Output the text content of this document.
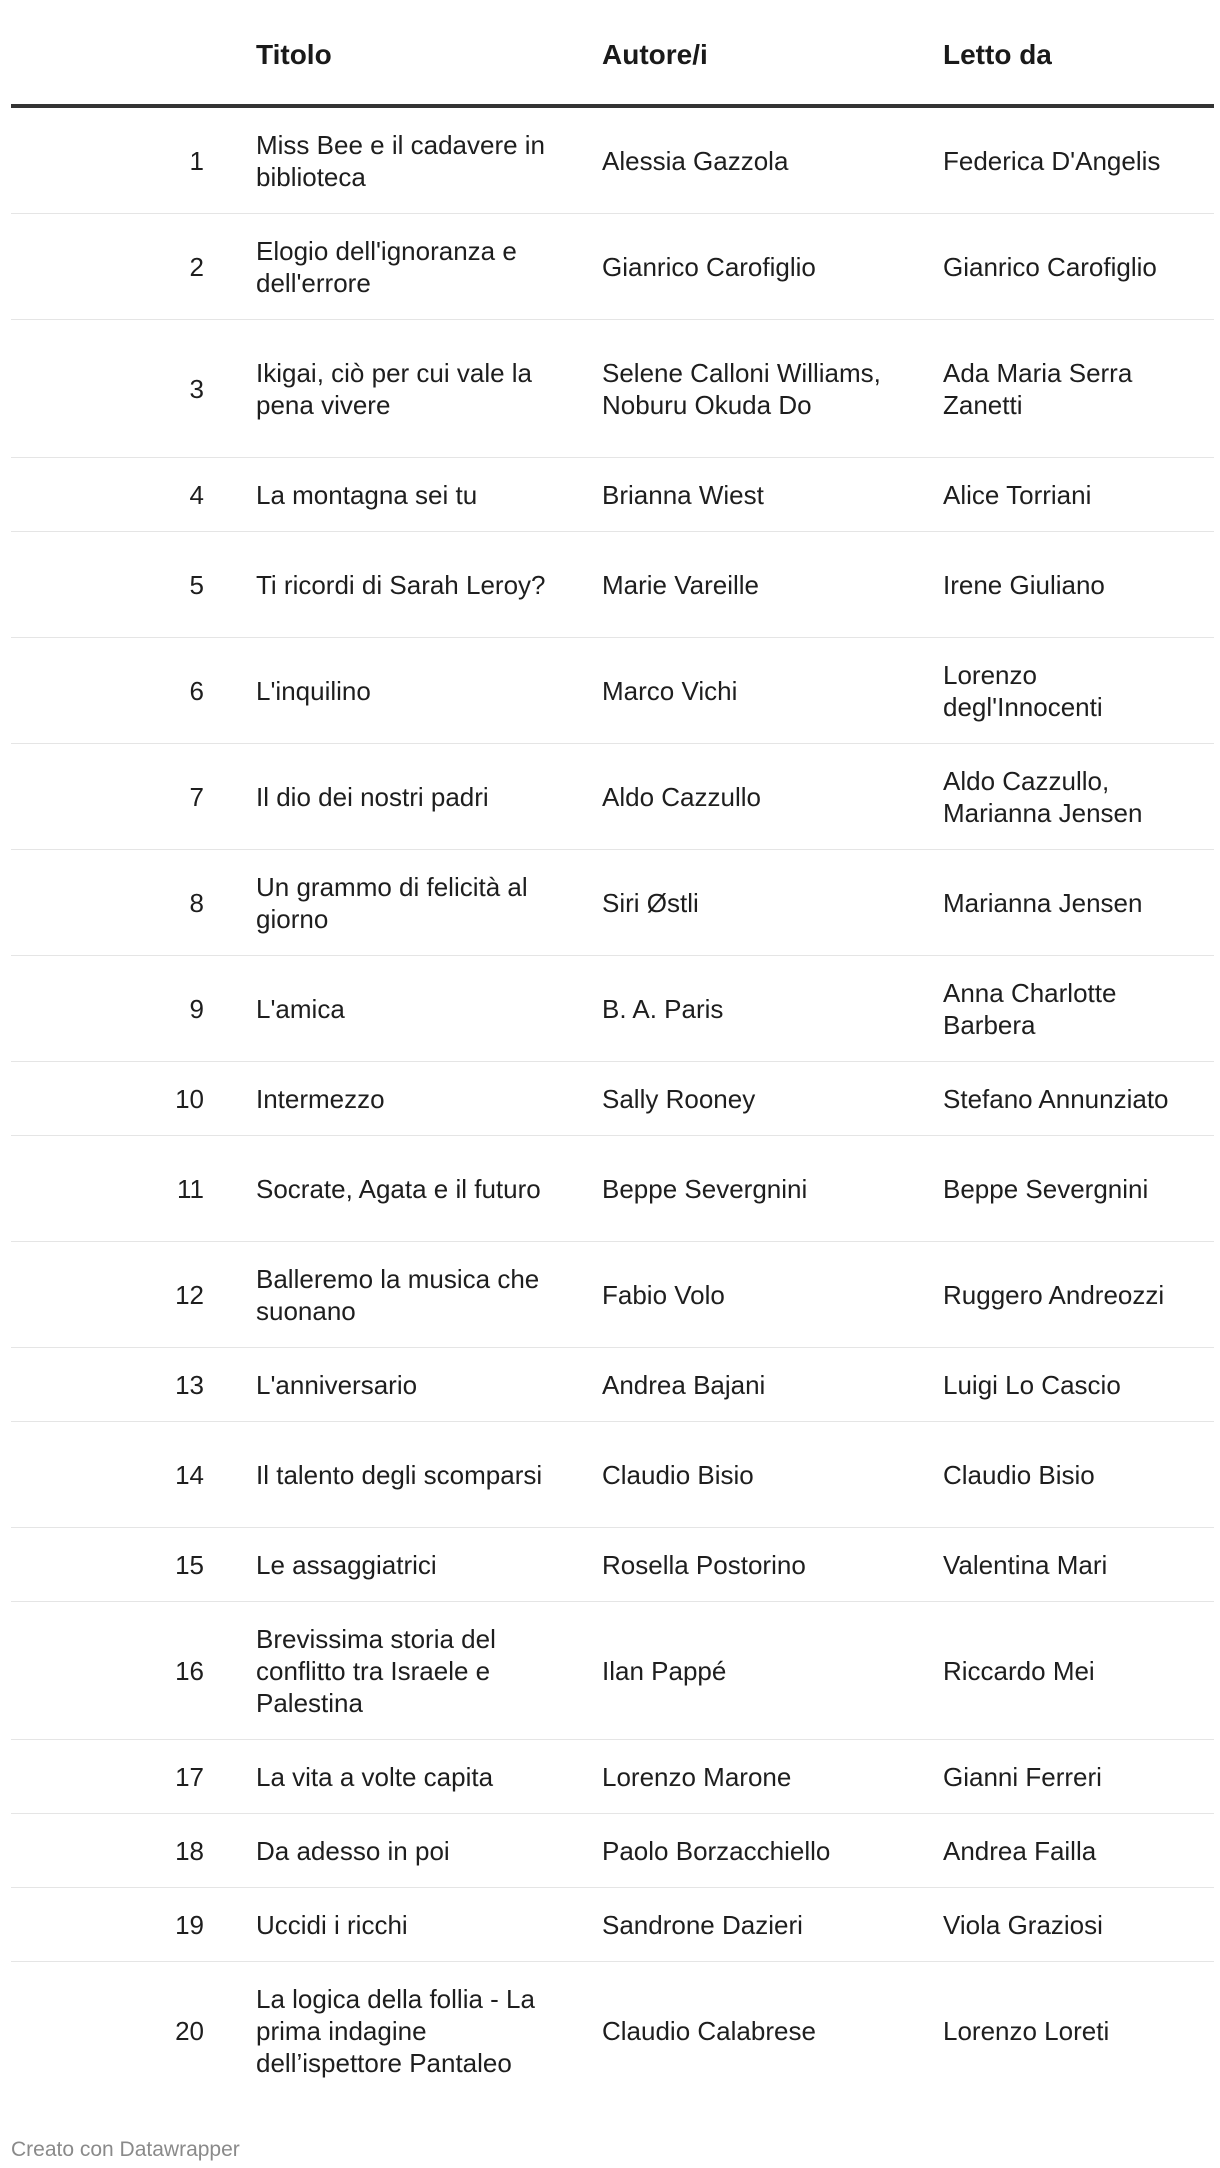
	Titolo	Autore/i	Letto da
1	Miss Bee e il cadavere in biblioteca	Alessia Gazzola	Federica D'Angelis
2	Elogio dell'ignoranza e dell'errore	Gianrico Carofiglio	Gianrico Carofiglio
3	Ikigai, ciò per cui vale la pena vivere	Selene Calloni Williams, Noburu Okuda Do	Ada Maria Serra Zanetti
4	La montagna sei tu	Brianna Wiest	Alice Torriani
5	Ti ricordi di Sarah Leroy?	Marie Vareille	Irene Giuliano
6	L'inquilino	Marco Vichi	Lorenzo degl'Innocenti
7	Il dio dei nostri padri	Aldo Cazzullo	Aldo Cazzullo, Marianna Jensen
8	Un grammo di felicità al giorno	Siri Østli	Marianna Jensen
9	L'amica	B. A. Paris	Anna Charlotte Barbera
10	Intermezzo	Sally Rooney	Stefano Annunziato
11	Socrate, Agata e il futuro	Beppe Severgnini	Beppe Severgnini
12	Balleremo la musica che suonano	Fabio Volo	Ruggero Andreozzi
13	L'anniversario	Andrea Bajani	Luigi Lo Cascio
14	Il talento degli scomparsi	Claudio Bisio	Claudio Bisio
15	Le assaggiatrici	Rosella Postorino	Valentina Mari
16	Brevissima storia del conflitto tra Israele e Palestina	Ilan Pappé	Riccardo Mei
17	La vita a volte capita	Lorenzo Marone	Gianni Ferreri
18	Da adesso in poi	Paolo Borzacchiello	Andrea Failla
19	Uccidi i ricchi	Sandrone Dazieri	Viola Graziosi
20	La logica della follia - La prima indagine dell’ispettore Pantaleo	Claudio Calabrese	Lorenzo Loreti
Creato con Datawrapper
